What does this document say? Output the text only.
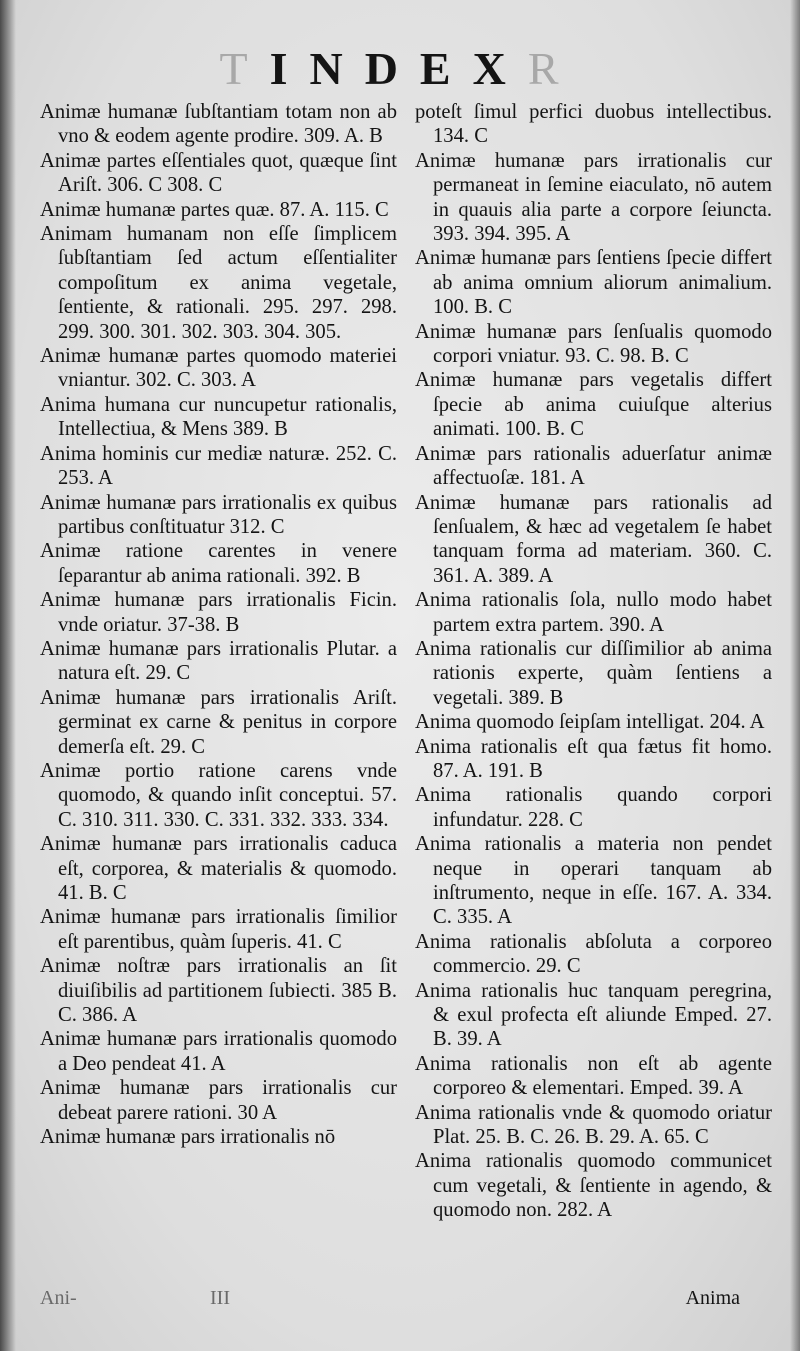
TINDEXR

Animæ humanæ ſubſtantiam totam non ab vno & eodem agente prodire. 309. A. B

Animæ partes eſſentiales quot, quæque ſint Ariſt. 306. C 308. C

Animæ humanæ partes quæ. 87. A. 115. C

Animam humanam non eſſe ſimplicem ſubſtantiam ſed actum eſſentialiter compoſitum ex anima vegetale, ſentiente, & rationali. 295. 297. 298. 299. 300. 301. 302. 303. 304. 305.

Animæ humanæ partes quomodo materiei vniantur. 302. C. 303. A

Anima humana cur nuncupetur rationalis, Intellectiua, & Mens 389. B

Anima hominis cur mediæ naturæ. 252. C. 253. A

Animæ humanæ pars irrationalis ex quibus partibus conſtituatur 312. C

Animæ ratione carentes in venere ſeparantur ab anima rationali. 392. B

Animæ humanæ pars irrationalis Ficin. vnde oriatur. 37-38. B

Animæ humanæ pars irrationalis Plutar. a natura eſt. 29. C

Animæ humanæ pars irrationalis Ariſt. germinat ex carne & penitus in corpore demerſa eſt. 29. C

Animæ portio ratione carens vnde quomodo, & quando inſit conceptui. 57. C. 310. 311. 330. C. 331. 332. 333. 334.

Animæ humanæ pars irrationalis caduca eſt, corporea, & materialis & quomodo. 41. B. C

Animæ humanæ pars irrationalis ſimilior eſt parentibus, quàm ſuperis. 41. C

Animæ noſtræ pars irrationalis an ſit diuiſibilis ad partitionem ſubiecti. 385 B. C. 386. A

Animæ humanæ pars irrationalis quomodo a Deo pendeat 41. A

Animæ humanæ pars irrationalis cur debeat parere rationi. 30 A

Animæ humanæ pars irrationalis nō

poteſt ſimul perfici duobus intellectibus. 134. C

Animæ humanæ pars irrationalis cur permaneat in ſemine eiaculato, nō autem in quauis alia parte a corpore ſeiuncta. 393. 394. 395. A

Animæ humanæ pars ſentiens ſpecie differt ab anima omnium aliorum animalium. 100. B. C

Animæ humanæ pars ſenſualis quomodo corpori vniatur. 93. C. 98. B. C

Animæ humanæ pars vegetalis differt ſpecie ab anima cuiuſque alterius animati. 100. B. C

Animæ pars rationalis aduerſatur animæ affectuoſæ. 181. A

Animæ humanæ pars rationalis ad ſenſualem, & hæc ad vegetalem ſe habet tanquam forma ad materiam. 360. C. 361. A. 389. A

Anima rationalis ſola, nullo modo habet partem extra partem. 390. A

Anima rationalis cur diſſimilior ab anima rationis experte, quàm ſentiens a vegetali. 389. B

Anima quomodo ſeipſam intelligat. 204. A

Anima rationalis eſt qua fætus fit homo. 87. A. 191. B

Anima rationalis quando corpori infundatur. 228. C

Anima rationalis a materia non pendet neque in operari tanquam ab inſtrumento, neque in eſſe. 167. A. 334. C. 335. A

Anima rationalis abſoluta a corporeo commercio. 29. C

Anima rationalis huc tanquam peregrina, & exul profecta eſt aliunde Emped. 27. B. 39. A

Anima rationalis non eſt ab agente corporeo & elementari. Emped. 39. A

Anima rationalis vnde & quomodo oriatur Plat. 25. B. C. 26. B. 29. A. 65. C

Anima rationalis quomodo communicet cum vegetali, & ſentiente in agendo, & quomodo non. 282. A

Ani-	III	Anima
